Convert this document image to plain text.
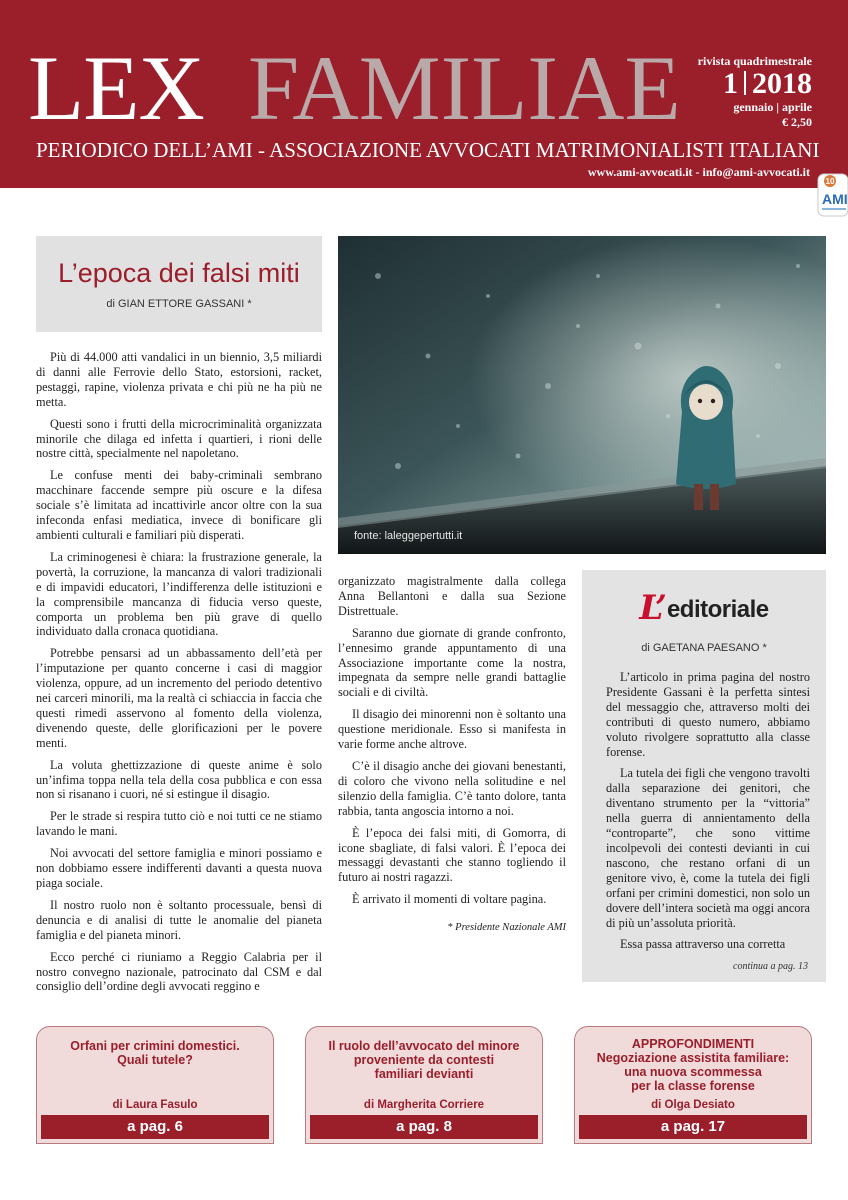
LEX FAMILIAE
PERIODICO DELL’AMI - ASSOCIAZIONE AVVOCATI MATRIMONIALISTI ITALIANI
www.ami-avvocati.it - info@ami-avvocati.it
rivista quadrimestrale
1 2018
gennaio | aprile
€ 2,50
10
AMI
L’epoca dei falsi miti
di GIAN ETTORE GASSANI *
fonte: laleggepertutti.it

Più di 44.000 atti vandalici in un biennio, 3,5 miliardi di danni alle Ferrovie dello Stato, estorsioni, racket, pestaggi, rapine, violenza privata e chi più ne ha più ne metta.

Questi sono i frutti della microcriminalità organizzata minorile che dilaga ed infetta i quartieri, i rioni delle nostre città, specialmente nel napoletano.

Le confuse menti dei baby-criminali sembrano macchinare faccende sempre più oscure e la difesa sociale s’è limitata ad incattivirle ancor oltre con la sua infeconda enfasi mediatica, invece di bonificare gli ambienti culturali e familiari più disperati.

La criminogenesi è chiara: la frustrazione generale, la povertà, la corruzione, la mancanza di valori tradizionali e di impavidi educatori, l’indifferenza delle istituzioni e la comprensibile mancanza di fiducia verso queste, comporta un problema ben più grave di quello individuato dalla cronaca quotidiana.

Potrebbe pensarsi ad un abbassamento dell’età per l’imputazione per quanto concerne i casi di maggior violenza, oppure, ad un incremento del periodo detentivo nei carceri minorili, ma la realtà ci schiaccia in faccia che questi rimedi asservono al fomento della violenza, divenendo queste, delle glorificazioni per le povere menti.

La voluta ghettizzazione di queste anime è solo un’infima toppa nella tela della cosa pubblica e con essa non si risanano i cuori, né si estingue il disagio.

Per le strade si respira tutto ciò e noi tutti ce ne stiamo lavando le mani.

Noi avvocati del settore famiglia e minori possiamo e non dobbiamo essere indifferenti davanti a questa nuova piaga sociale.

Il nostro ruolo non è soltanto processuale, bensì di denuncia e di analisi di tutte le anomalie del pianeta famiglia e del pianeta minori.

Ecco perché ci riuniamo a Reggio Calabria per il nostro convegno nazionale, patrocinato dal CSM e dal consiglio dell’ordine degli avvocati reggino e

organizzato magistralmente dalla collega Anna Bellantoni e dalla sua Sezione Distrettuale.

Saranno due giornate di grande confronto, l’ennesimo grande appuntamento di una Associazione importante come la nostra, impegnata da sempre nelle grandi battaglie sociali e di civiltà.

Il disagio dei minorenni non è soltanto una questione meridionale. Esso si manifesta in varie forme anche altrove.

C’è il disagio anche dei giovani benestanti, di coloro che vivono nella solitudine e nel silenzio della famiglia. C’è tanto dolore, tanta rabbia, tanta angoscia intorno a noi.

È l’epoca dei falsi miti, di Gomorra, di icone sbagliate, di falsi valori. È l’epoca dei messaggi devastanti che stanno togliendo il futuro ai nostri ragazzi.

È arrivato il momenti di voltare pagina.

* Presidente Nazionale AMI

L’editoriale
di GAETANA PAESANO *

L’articolo in prima pagina del nostro Presidente Gassani è la perfetta sintesi del messaggio che, attraverso molti dei contributi di questo numero, abbiamo voluto rivolgere soprattutto alla classe forense.

La tutela dei figli che vengono travolti dalla separazione dei genitori, che diventano strumento per la “vittoria” nella guerra di annientamento della “controparte”, che sono vittime incolpevoli dei contesti devianti in cui nascono, che restano orfani di un genitore vivo, è, come la tutela dei figli orfani per crimini domestici, non solo un dovere dell’intera società ma oggi ancora di più un’assoluta priorità.

Essa passa attraverso una corretta

continua a pag. 13
Orfani per crimini domestici.
Quali tutele?
di Laura Fasulo
a pag. 6
Il ruolo dell’avvocato del minore
proveniente da contesti
familiari devianti
di Margherita Corriere
a pag. 8
APPROFONDIMENTI
Negoziazione assistita familiare:
una nuova scommessa
per la classe forense
di Olga Desiato
a pag. 17
